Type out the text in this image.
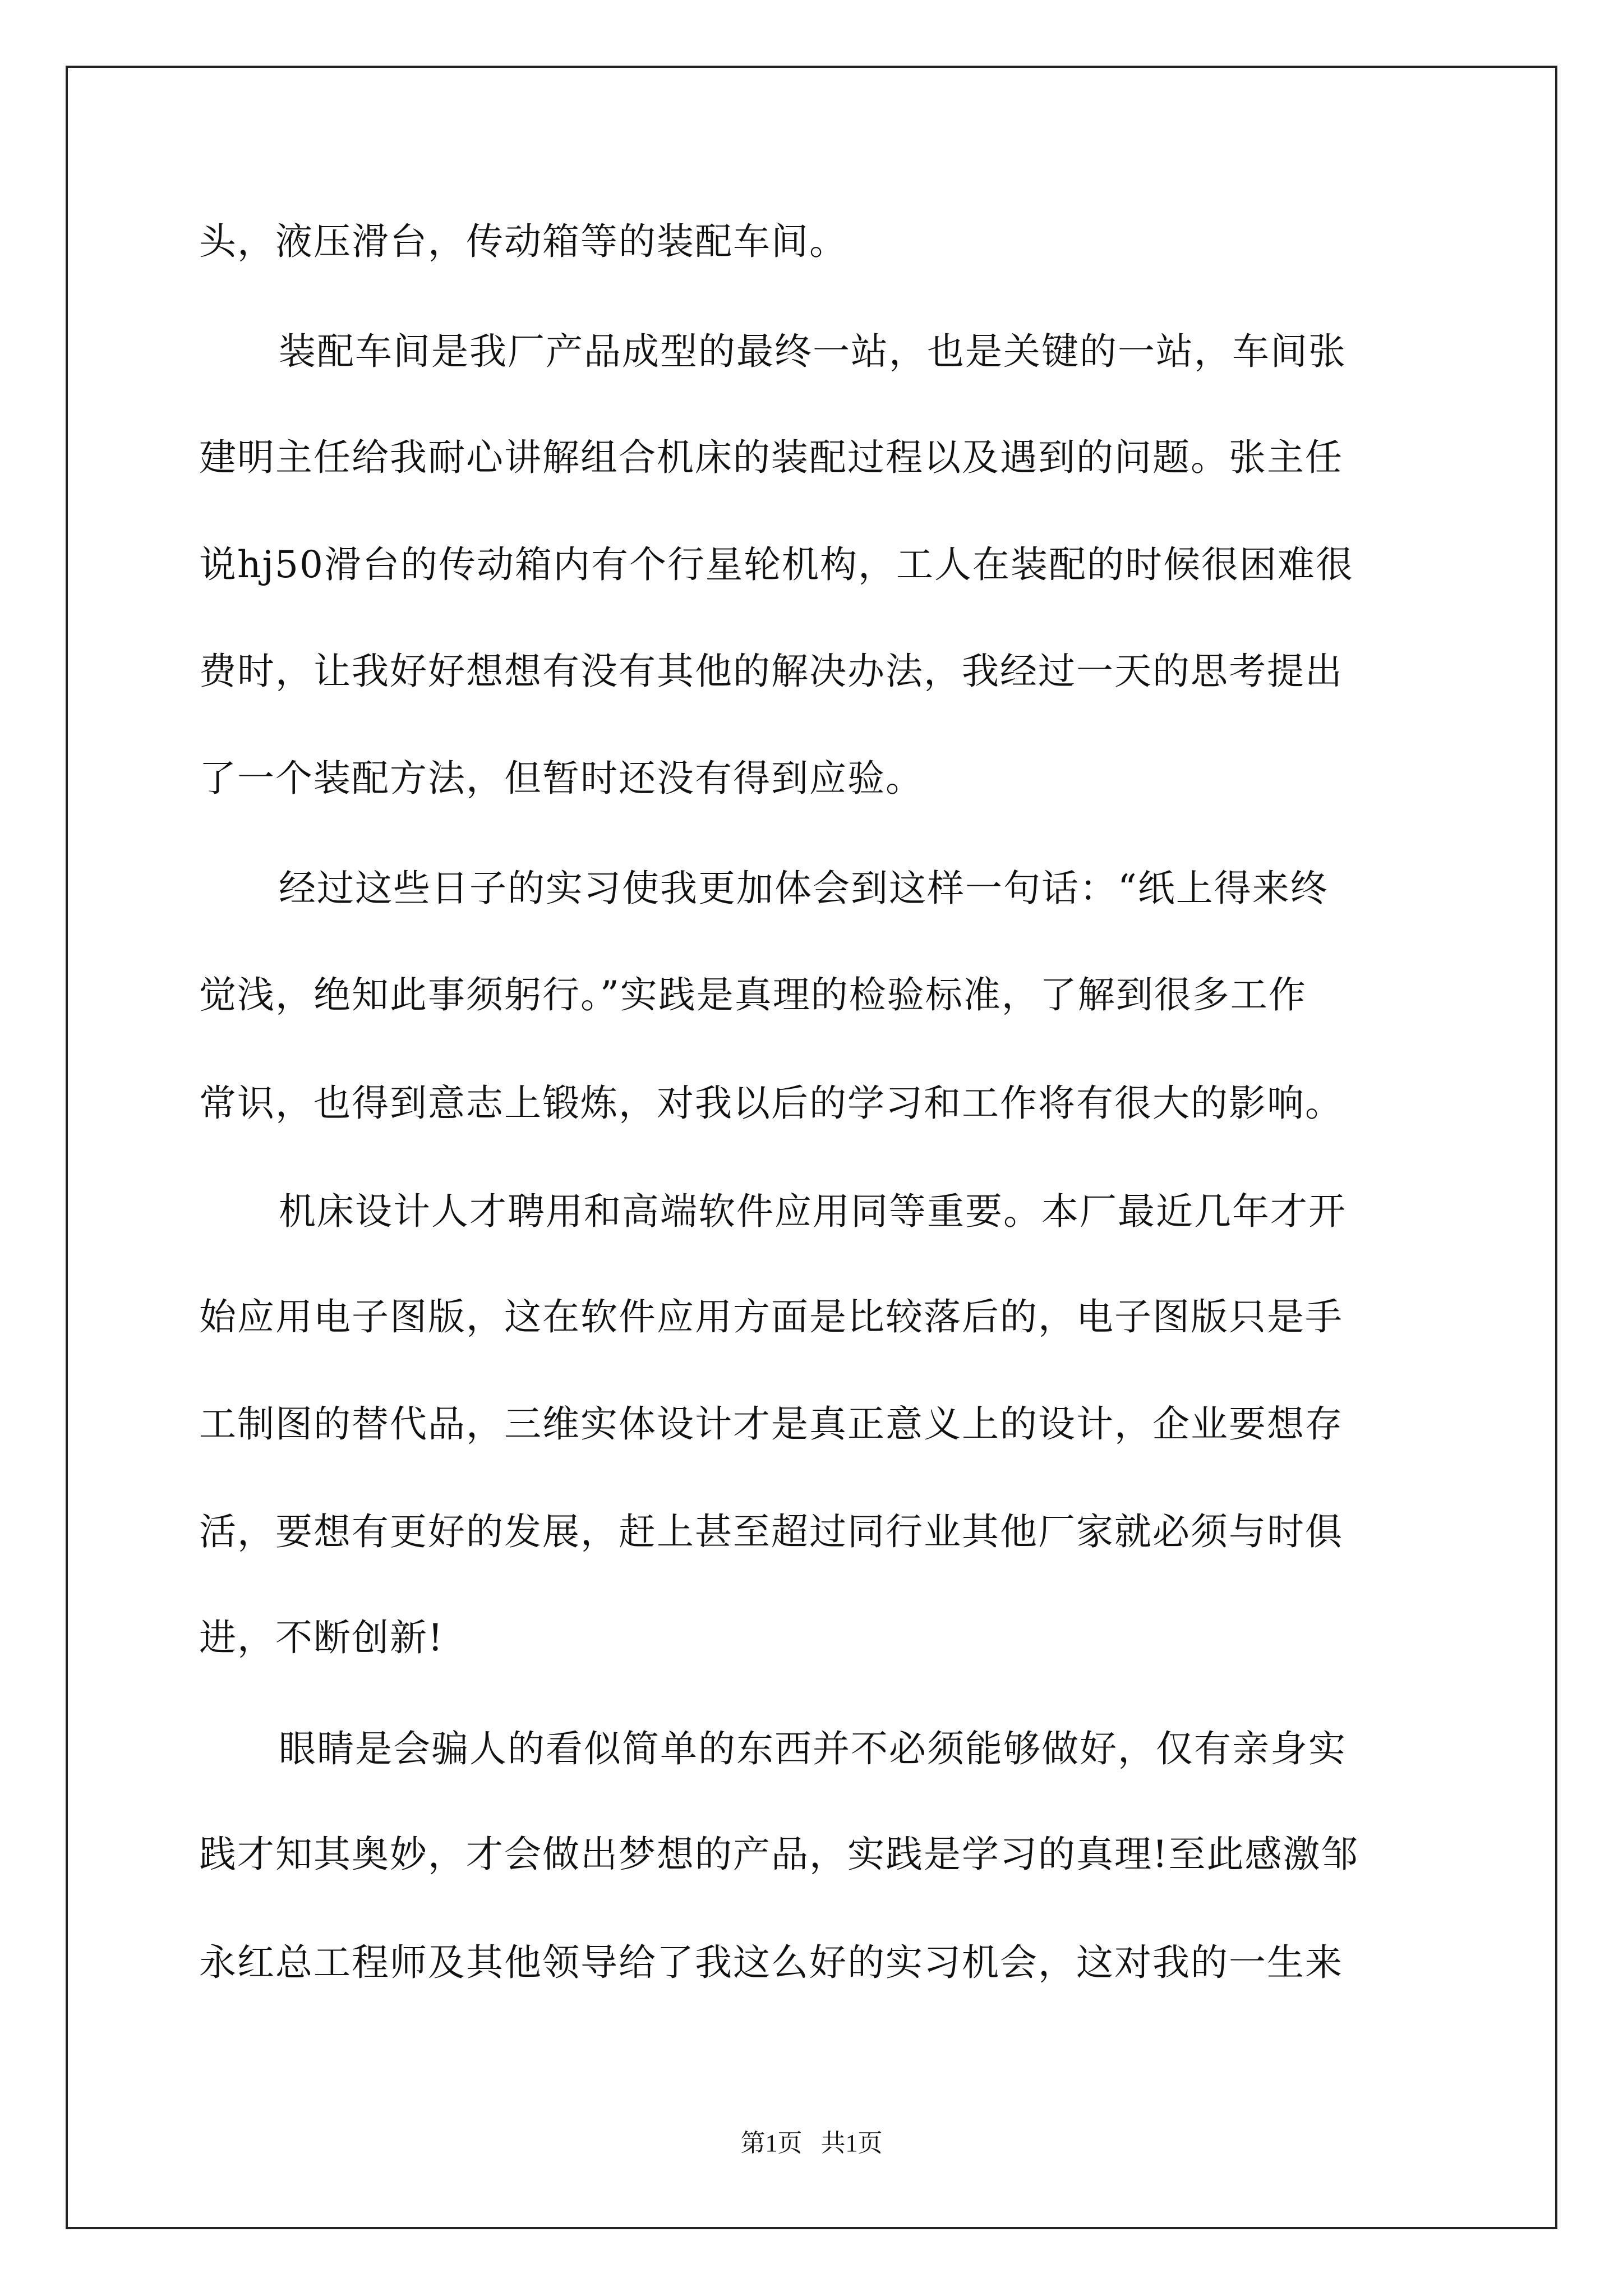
头，液压滑台，传动箱等的装配车间。

装配车间是我厂产品成型的最终一站，也是关键的一站，车间张

建明主任给我耐心讲解组合机床的装配过程以及遇到的问题。张主任

说hj50滑台的传动箱内有个行星轮机构，工人在装配的时候很困难很

费时，让我好好想想有没有其他的解决办法，我经过一天的思考提出

了一个装配方法，但暂时还没有得到应验。

经过这些日子的实习使我更加体会到这样一句话：“纸上得来终

觉浅，绝知此事须躬行。”实践是真理的检验标准，了解到很多工作

常识，也得到意志上锻炼，对我以后的学习和工作将有很大的影响。

机床设计人才聘用和高端软件应用同等重要。本厂最近几年才开

始应用电子图版，这在软件应用方面是比较落后的，电子图版只是手

工制图的替代品，三维实体设计才是真正意义上的设计，企业要想存

活，要想有更好的发展，赶上甚至超过同行业其他厂家就必须与时俱

进，不断创新!

眼睛是会骗人的看似简单的东西并不必须能够做好，仅有亲身实

践才知其奥妙，才会做出梦想的产品，实践是学习的真理!至此感激邹

永红总工程师及其他领导给了我这么好的实习机会，这对我的一生来

第1页   共1页
